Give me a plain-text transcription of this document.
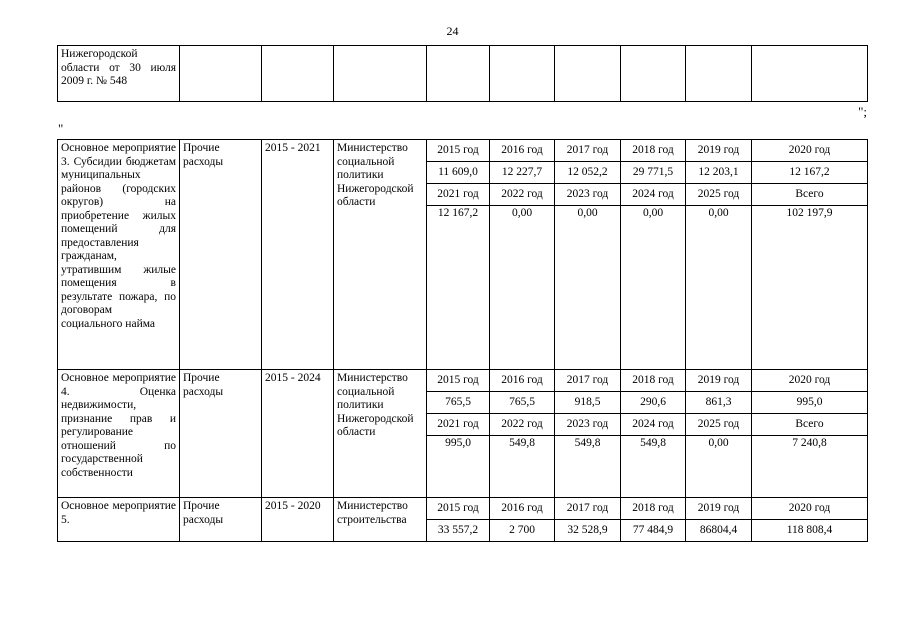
24
Нижегородской области от 30 июля 2009 г. № 548									
";
"
Основное мероприятие 3. Субсидии бюджетам муниципальных районов (городских округов) на приобретение жилых помещений для предоставления гражданам, утратившим жилые помещения в результате пожара, по договорам социального найма	Прочие расходы	2015 - 2021	Министерство социальной политики Нижегородской области	2015 год	2016 год	2017 год	2018 год	2019 год	2020 год
				11 609,0	12 227,7	12 052,2	29 771,5	12 203,1	12 167,2
				2021 год	2022 год	2023 год	2024 год	2025 год	Всего
				12 167,2	0,00	0,00	0,00	0,00	102 197,9
Основное мероприятие 4. Оценка недвижимости, признание прав и регулирование отношений по государственной собственности	Прочие расходы	2015 - 2024	Министерство социальной политики Нижегородской области	2015 год	2016 год	2017 год	2018 год	2019 год	2020 год
				765,5	765,5	918,5	290,6	861,3	995,0
				2021 год	2022 год	2023 год	2024 год	2025 год	Всего
				995,0	549,8	549,8	549,8	0,00	7 240,8
Основное мероприятие 5.	Прочие расходы	2015 - 2020	Министерство строительства	2015 год	2016 год	2017 год	2018 год	2019 год	2020 год
				33 557,2	2 700	32 528,9	77 484,9	86804,4	118 808,4
